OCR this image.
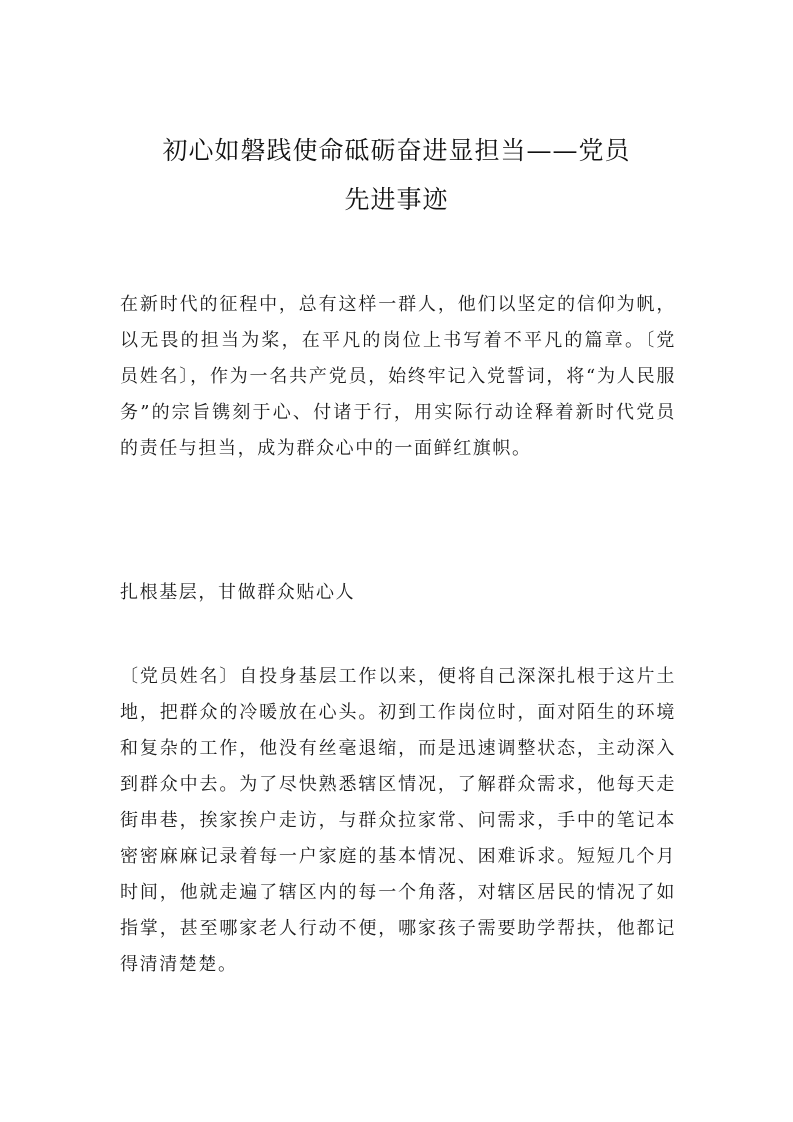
初心如磐践使命砥砺奋进显担当——党员
先进事迹

在新时代的征程中，总有这样一群人，他们以坚定的信仰为帆，以无畏的担当为桨，在平凡的岗位上书写着不平凡的篇章。〔党员姓名〕，作为一名共产党员，始终牢记入党誓词，将“为人民服务”的宗旨镌刻于心、付诸于行，用实际行动诠释着新时代党员的责任与担当，成为群众心中的一面鲜红旗帜。

扎根基层，甘做群众贴心人

〔党员姓名〕自投身基层工作以来，便将自己深深扎根于这片土地，把群众的冷暖放在心头。初到工作岗位时，面对陌生的环境和复杂的工作，他没有丝毫退缩，而是迅速调整状态，主动深入到群众中去。为了尽快熟悉辖区情况，了解群众需求，他每天走街串巷，挨家挨户走访，与群众拉家常、问需求，手中的笔记本密密麻麻记录着每一户家庭的基本情况、困难诉求。短短几个月时间，他就走遍了辖区内的每一个角落，对辖区居民的情况了如指掌，甚至哪家老人行动不便，哪家孩子需要助学帮扶，他都记得清清楚楚。
